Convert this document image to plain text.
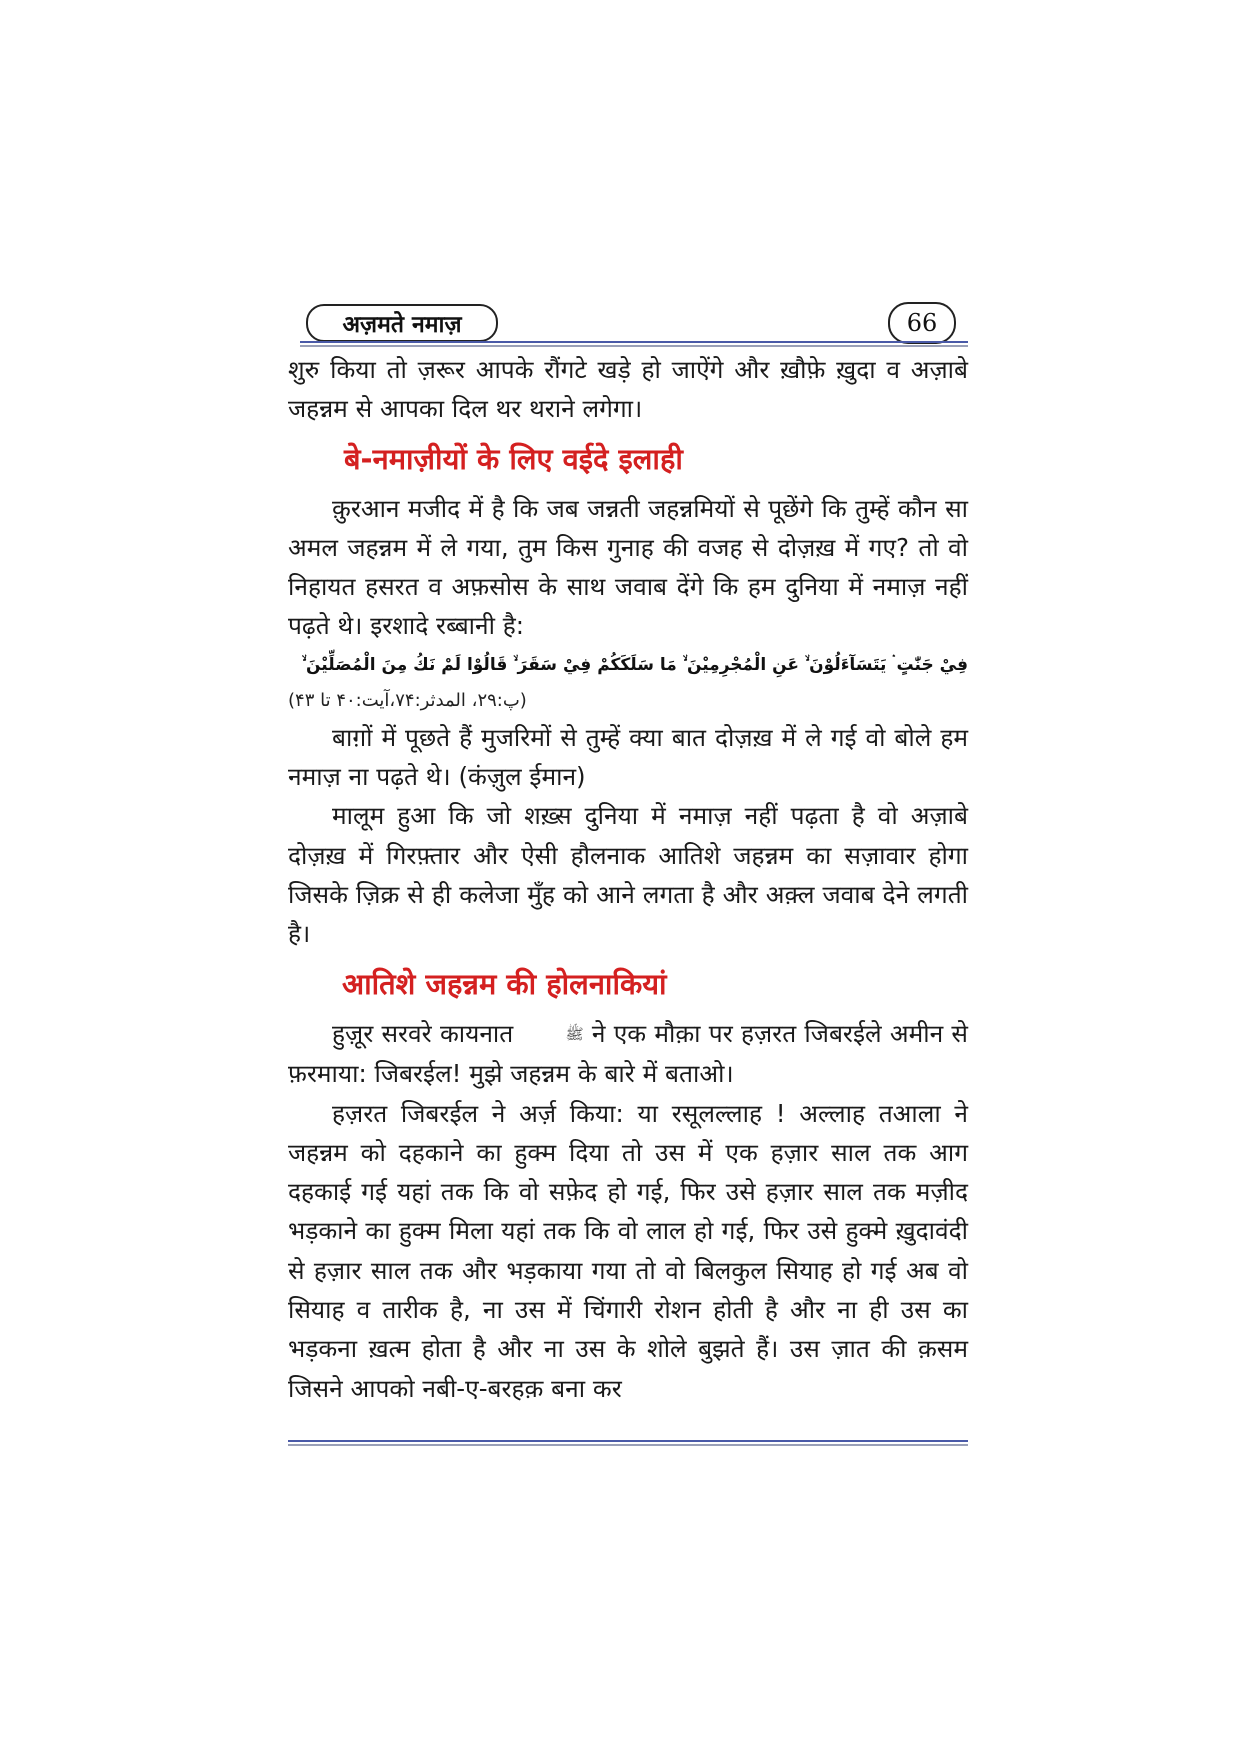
अज़मते नमाज़	66

शुरु किया तो ज़रूर आपके रौंगटे खड़े हो जाऐंगे और ख़ौफ़े ख़ुदा व अज़ाबे जहन्नम से आपका दिल थर थराने लगेगा।

बे-नमाज़ीयों के लिए वईदे इलाही

क़ुरआन मजीद में है कि जब जन्नती जहन्नमियों से पूछेंगे कि तुम्हें कौन सा अमल जहन्नम में ले गया, तुम किस गुनाह की वजह से दोज़ख़ में गए? तो वो निहायत हसरत व अफ़सोस के साथ जवाब देंगे कि हम दुनिया में नमाज़ नहीं पढ़ते थे। इरशादे रब्बानी है:

فِيْ جَنّٰتٍ ۛ يَتَسَآءَلُوْنَ ۙ عَنِ الْمُجْرِمِيْنَ ۙ مَا سَلَكَكُمْ فِيْ سَقَرَ ۙ قَالُوْا لَمْ نَكُ مِنَ الْمُصَلِّيْنَ ۙ

(پ:۲۹، المدثر:۷۴،آیت:۴۰ تا ۴۳)

बाग़ों में पूछते हैं मुजरिमों से तुम्हें क्या बात दोज़ख़ में ले गई वो बोले हम नमाज़ ना पढ़ते थे। (कंज़ुल ईमान)

मालूम हुआ कि जो शख़्स दुनिया में नमाज़ नहीं पढ़ता है वो अज़ाबे दोज़ख़ में गिरफ़्तार और ऐसी हौलनाक आतिशे जहन्नम का सज़ावार होगा जिसके ज़िक्र से ही कलेजा मुँह को आने लगता है और अक़्ल जवाब देने लगती है।

आतिशे जहन्नम की होलनाकियां

हुज़ूर सरवरे कायनात	ﷺ ने एक मौक़ा पर हज़रत जिबरईले अमीन से फ़रमाया: जिबरईल! मुझे जहन्नम के बारे में बताओ।

हज़रत जिबरईल ने अर्ज़ किया: या रसूलल्लाह ! अल्लाह तआला ने जहन्नम को दहकाने का हुक्म दिया तो उस में एक हज़ार साल तक आग दहकाई गई यहां तक कि वो सफ़ेद हो गई, फिर उसे हज़ार साल तक मज़ीद भड़काने का हुक्म मिला यहां तक कि वो लाल हो गई, फिर उसे हुक्मे ख़ुदावंदी से हज़ार साल तक और भड़काया गया तो वो बिलकुल सियाह हो गई अब वो सियाह व तारीक है, ना उस में चिंगारी रोशन होती है और ना ही उस का भड़कना ख़त्म होता है और ना उस के शोले बुझते हैं। उस ज़ात की क़सम जिसने आपको नबी-ए-बरहक़ बना कर
